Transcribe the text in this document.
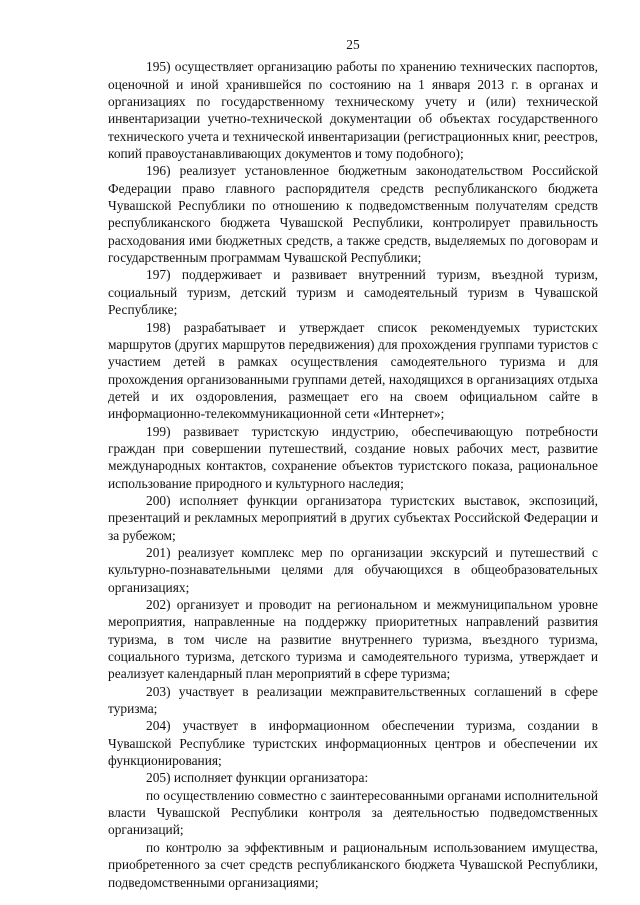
25

195) осуществляет организацию работы по хранению технических паспортов, оценочной и иной хранившейся по состоянию на 1 января 2013 г. в органах и организациях по государственному техническому учету и (или) технической инвентаризации учетно-технической документации об объектах государственного технического учета и технической инвентаризации (регистрационных книг, реестров, копий правоустанавливающих документов и тому подобного);

196) реализует установленное бюджетным законодательством Российской Федерации право главного распорядителя средств республиканского бюджета Чувашской Республики по отношению к подведомственным получателям средств республиканского бюджета Чувашской Республики, контролирует правильность расходования ими бюджетных средств, а также средств, выделяемых по договорам и государственным программам Чувашской Республики;

197) поддерживает и развивает внутренний туризм, въездной туризм, социальный туризм, детский туризм и самодеятельный туризм в Чувашской Республике;

198) разрабатывает и утверждает список рекомендуемых туристских маршрутов (других маршрутов передвижения) для прохождения группами туристов с участием детей в рамках осуществления самодеятельного туризма и для прохождения организованными группами детей, находящихся в организациях отдыха детей и их оздоровления, размещает его на своем официальном сайте в информационно-телекоммуникационной сети «Интернет»;

199) развивает туристскую индустрию, обеспечивающую потребности граждан при совершении путешествий, создание новых рабочих мест, развитие международных контактов, сохранение объектов туристского показа, рациональное использование природного и культурного наследия;

200) исполняет функции организатора туристских выставок, экспозиций, презентаций и рекламных мероприятий в других субъектах Российской Федерации и за рубежом;

201) реализует комплекс мер по организации экскурсий и путешествий с культурно-познавательными целями для обучающихся в общеобразовательных организациях;

202) организует и проводит на региональном и межмуниципальном уровне мероприятия, направленные на поддержку приоритетных направлений развития туризма, в том числе на развитие внутреннего туризма, въездного туризма, социального туризма, детского туризма и самодеятельного туризма, утверждает и реализует календарный план мероприятий в сфере туризма;

203) участвует в реализации межправительственных соглашений в сфере туризма;

204) участвует в информационном обеспечении туризма, создании в Чувашской Республике туристских информационных центров и обеспечении их функционирования;

205) исполняет функции организатора:

по осуществлению совместно с заинтересованными органами исполнительной власти Чувашской Республики контроля за деятельностью подведомственных организаций;

по контролю за эффективным и рациональным использованием имущества, приобретенного за счет средств республиканского бюджета Чувашской Республики, подведомственными организациями;
